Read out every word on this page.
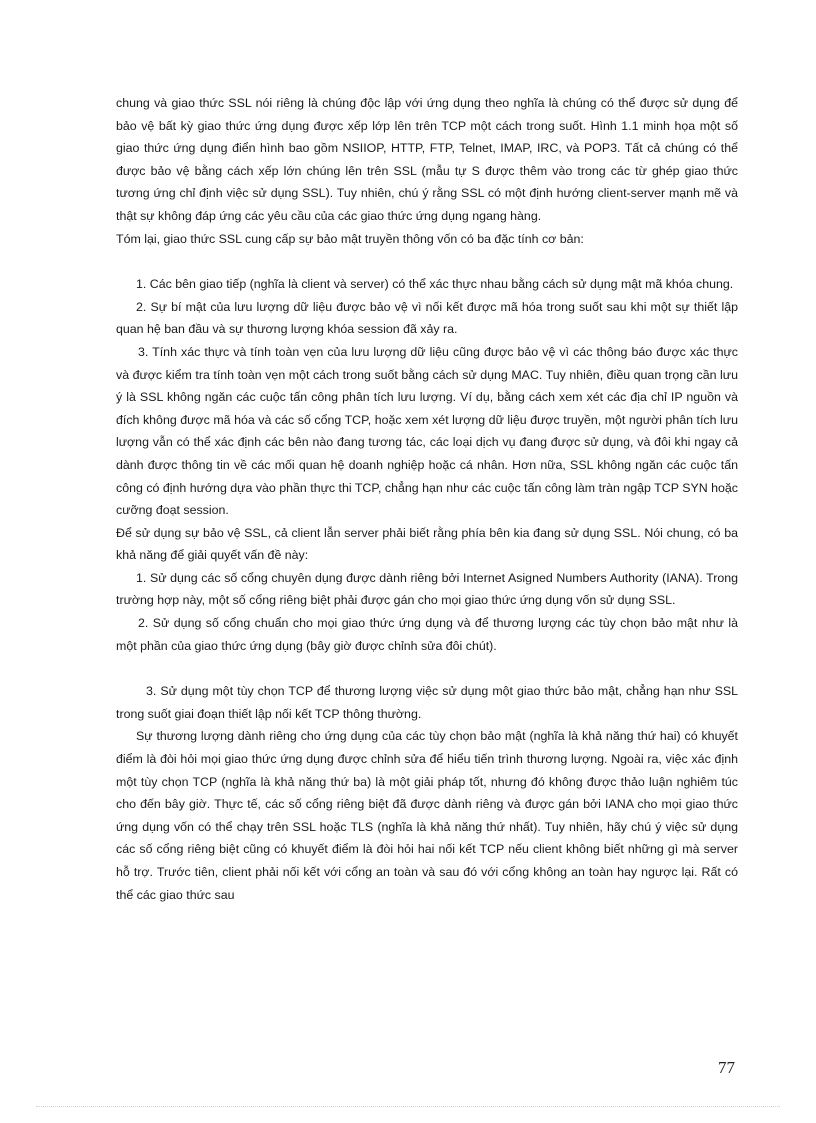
chung và giao thức SSL nói riêng là chúng độc lập với ứng dụng theo nghĩa là chúng có thể được sử dụng để bảo vệ bất kỳ giao thức ứng dụng được xếp lớp lên trên TCP một cách trong suốt. Hình 1.1 minh họa một số giao thức ứng dụng điển hình bao gồm NSIIOP, HTTP, FTP, Telnet, IMAP, IRC, và POP3. Tất cả chúng có thể được bảo vệ bằng cách xếp lớn chúng lên trên SSL (mẫu tự S được thêm vào trong các từ ghép giao thức tương ứng chỉ định việc sử dụng SSL). Tuy nhiên, chú ý rằng SSL có một định hướng client-server mạnh mẽ và thật sự không đáp ứng các yêu cầu của các giao thức ứng dụng ngang hàng.

Tóm lại, giao thức SSL cung cấp sự bảo mật truyền thông vốn có ba đặc tính cơ bản:

1. Các bên giao tiếp (nghĩa là client và server) có thể xác thực nhau bằng cách sử dụng mật mã khóa chung.

2. Sự bí mật của lưu lượng dữ liệu được bảo vệ vì nối kết được mã hóa trong suốt sau khi một sự thiết lập quan hệ ban đầu và sự thương lượng khóa session đã xảy ra.

3. Tính xác thực và tính toàn vẹn của lưu lượng dữ liệu cũng được bảo vệ vì các thông báo được xác thực và được kiểm tra tính toàn vẹn một cách trong suốt bằng cách sử dụng MAC. Tuy nhiên, điều quan trọng cần lưu ý là SSL không ngăn các cuộc tấn công phân tích lưu lượng. Ví dụ, bằng cách xem xét các địa chỉ IP nguồn và đích không được mã hóa và các số cổng TCP, hoặc xem xét lượng dữ liệu được truyền, một người phân tích lưu lượng vẫn có thể xác định các bên nào đang tương tác, các loại dịch vụ đang được sử dụng, và đôi khi ngay cả dành được thông tin về các mối quan hệ doanh nghiệp hoặc cá nhân. Hơn nữa, SSL không ngăn các cuộc tấn công có định hướng dựa vào phần thực thi TCP, chẳng hạn như các cuộc tấn công làm tràn ngập TCP SYN hoặc cưỡng đoạt session.

Để sử dụng sự bảo vệ SSL, cả client lẫn server phải biết rằng phía bên kia đang sử dụng SSL. Nói chung, có ba khả năng để giải quyết vấn đề này:

1. Sử dụng các số cổng chuyên dụng được dành riêng bởi Internet Asigned Numbers Authority (IANA). Trong trường hợp này, một số cổng riêng biệt phải được gán cho mọi giao thức ứng dụng vốn sử dụng SSL.

2. Sử dụng số cổng chuẩn cho mọi giao thức ứng dụng và để thương lượng các tùy chọn bảo mật như là một phần của giao thức ứng dụng (bây giờ được chỉnh sửa đôi chút).

3. Sử dụng một tùy chọn TCP để thương lượng việc sử dụng một giao thức bảo mật, chẳng hạn như SSL trong suốt giai đoạn thiết lập nối kết TCP thông thường.

Sự thương lượng dành riêng cho ứng dụng của các tùy chọn bảo mật (nghĩa là khả năng thứ hai) có khuyết điểm là đòi hỏi mọi giao thức ứng dụng được chỉnh sửa để hiểu tiến trình thương lượng. Ngoài ra, việc xác định một tùy chọn TCP (nghĩa là khả năng thứ ba) là một giải pháp tốt, nhưng đó không được thảo luận nghiêm túc cho đến bây giờ. Thực tế, các số cổng riêng biệt đã được dành riêng và được gán bởi IANA cho mọi giao thức ứng dụng vốn có thể chạy trên SSL hoặc TLS (nghĩa là khả năng thứ nhất). Tuy nhiên, hãy chú ý việc sử dụng các số cổng riêng biệt cũng có khuyết điểm là đòi hỏi hai nối kết TCP nếu client không biết những gì mà server hỗ trợ. Trước tiên, client phải nối kết với cổng an toàn và sau đó với cổng không an toàn hay ngược lại. Rất có thể các giao thức sau

77
